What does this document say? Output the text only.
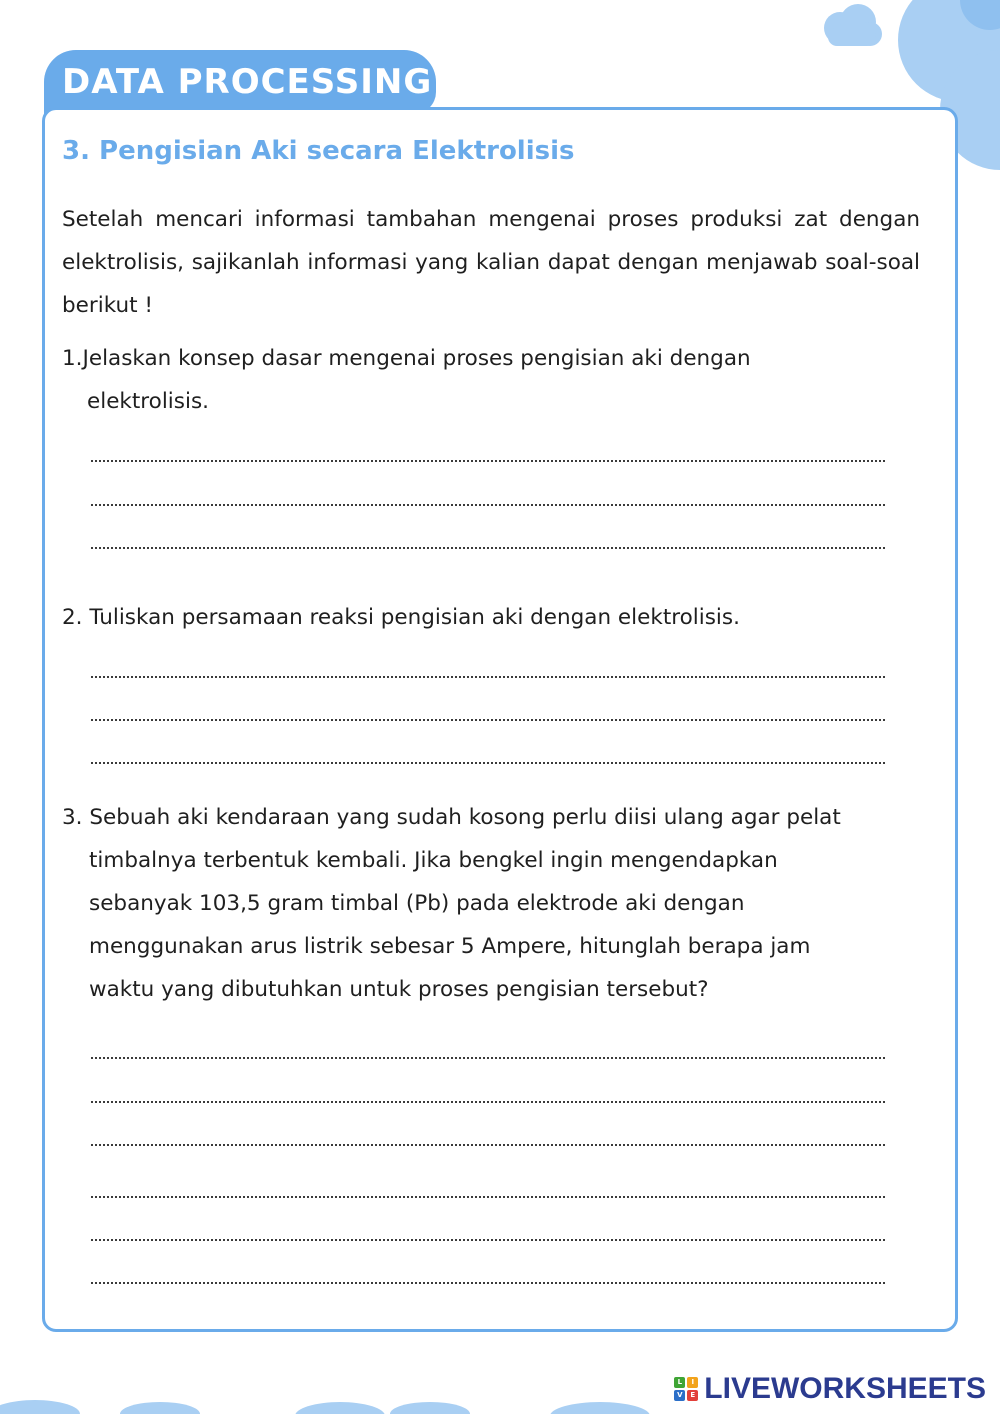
DATA PROCESSING
3. Pengisian Aki secara Elektrolisis

Setelah mencari informasi tambahan mengenai proses produksi zat dengan elektrolisis, sajikanlah informasi yang kalian dapat dengan menjawab soal-soal berikut !

1.Jelaskan konsep dasar mengenai proses pengisian aki dengan
elektrolisis.
2. Tuliskan persamaan reaksi pengisian aki dengan elektrolisis.
3. Sebuah aki kendaraan yang sudah kosong perlu diisi ulang agar pelat
timbalnya terbentuk kembali. Jika bengkel ingin mengendapkan
sebanyak 103,5 gram timbal (Pb) pada elektrode aki dengan
menggunakan arus listrik sebesar 5 Ampere, hitunglah berapa jam
waktu yang dibutuhkan untuk proses pengisian tersebut?
L	I
V	E LIVEWORKSHEETS
